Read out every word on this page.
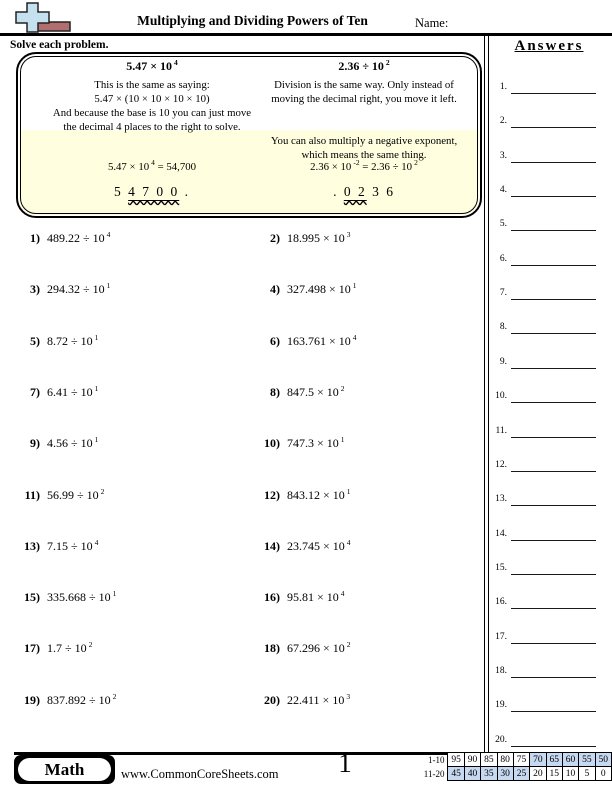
Multiplying and Dividing Powers of Ten	Name:
Solve each problem.
5.47 × 10 $^4$
This is the same as saying:
5.47 × (10 × 10 × 10 × 10)
And because the base is 10 you can just move
the decimal 4 places to the right to solve.
5.47 × 10 $^4$ = 54,700
5 4 7 0 0 .
2.36 ÷ 10 $^2$
Division is the same way. Only instead of
moving the decimal right, you move it left.
You can also multiply a negative exponent,
which means the same thing.
2.36 × 10 $^{-2}$ = 2.36 ÷ 10 $^2$
. 0 2 3 6
1) 489.22 ÷ 10 $^4$	2) 18.995 × 10 $^3$
3) 294.32 ÷ 10 $^1$	4) 327.498 × 10 $^1$
5) 8.72 ÷ 10 $^1$	6) 163.761 × 10 $^4$
7) 6.41 ÷ 10 $^1$	8) 847.5 × 10 $^2$
9) 4.56 ÷ 10 $^1$	10) 747.3 × 10 $^1$
11) 56.99 ÷ 10 $^2$	12) 843.12 × 10 $^1$
13) 7.15 ÷ 10 $^4$	14) 23.745 × 10 $^4$
15) 335.668 ÷ 10 $^1$	16) 95.81 × 10 $^4$
17) 1.7 ÷ 10 $^2$	18) 67.296 × 10 $^2$
19) 837.892 ÷ 10 $^2$	20) 22.411 × 10 $^3$
Answers
1.
2.
3.
4.
5.
6.
7.
8.
9.
10.
11.
12.
13.
14.
15.
16.
17.
18.
19.
20.
Math	www.CommonCoreSheets.com	1	1-10	95	90	85	80	75	70	65	60	55	50
11-20	45	40	35	30	25	20	15	10	5	0
